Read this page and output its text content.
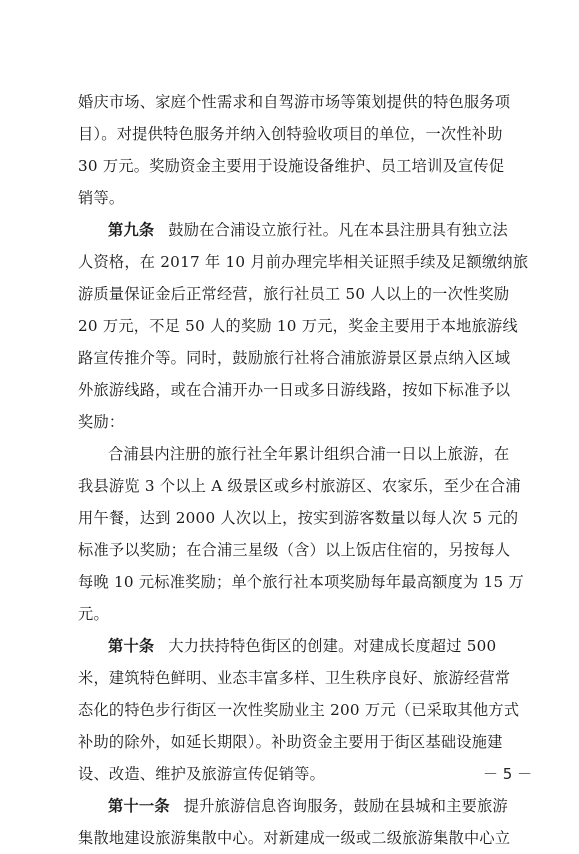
婚庆市场、家庭个性需求和自驾游市场等策划提供的特色服务项
目）。对提供特色服务并纳入创特验收项目的单位，一次性补助
30 万元。奖励资金主要用于设施设备维护、员工培训及宣传促
销等。
第九条 鼓励在合浦设立旅行社。凡在本县注册具有独立法
人资格，在 2017 年 10 月前办理完毕相关证照手续及足额缴纳旅
游质量保证金后正常经营，旅行社员工 50 人以上的一次性奖励
20 万元，不足 50 人的奖励 10 万元，奖金主要用于本地旅游线
路宣传推介等。同时，鼓励旅行社将合浦旅游景区景点纳入区域
外旅游线路，或在合浦开办一日或多日游线路，按如下标准予以
奖励：
合浦县内注册的旅行社全年累计组织合浦一日以上旅游，在
我县游览 3 个以上 A 级景区或乡村旅游区、农家乐，至少在合浦
用午餐，达到 2000 人次以上，按实到游客数量以每人次 5 元的
标准予以奖励；在合浦三星级（含）以上饭店住宿的，另按每人
每晚 10 元标准奖励；单个旅行社本项奖励每年最高额度为 15 万
元。
第十条 大力扶持特色街区的创建。对建成长度超过 500
米，建筑特色鲜明、业态丰富多样、卫生秩序良好、旅游经营常
态化的特色步行街区一次性奖励业主 200 万元（已采取其他方式
补助的除外，如延长期限）。补助资金主要用于街区基础设施建
设、改造、维护及旅游宣传促销等。
第十一条 提升旅游信息咨询服务，鼓励在县城和主要旅游
集散地建设旅游集散中心。对新建成一级或二级旅游集散中心立
－ 5 －
